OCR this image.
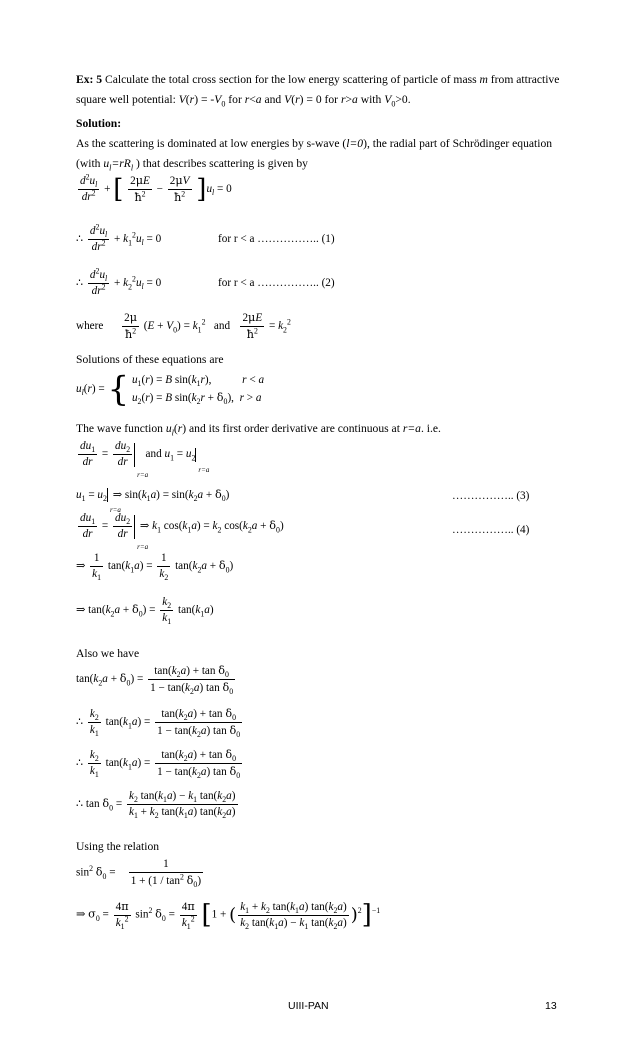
Ex: 5 Calculate the total cross section for the low energy scattering of particle of mass m from attractive square well potential: $V(r) = -V_0$ for r<a and V(r) = 0 for r>a with $V_0>0$.
Solution:
As the scattering is dominated at low energies by s-wave (l=0), the radial part of Schrödinger equation (with $u_l=rR_l$ ) that describes scattering is given by
$\frac{d^2u_l}{dr^2}$ + [ $\frac{2\mu E}{ħ^2} - \frac{2\mu V}{ħ^2} ]u_l = 0$
∴ $\frac{d^2u_l}{dr^2} + k_1^2u_l = 0$	for r < a …………….. (1)
∴ $\frac{d^2u_l}{dr^2} + k_2^2u_l = 0$	for r < a …………….. (2)
where $\frac{2\mu}{ħ^2} (E + V_0) = k_1^2$ and $\frac{2\mu E}{ħ^2} = k_2^2$
Solutions of these equations are
$u_l(r)$ = { $u_1(r) = B$ $\sin(k_1r)$,           r < a
$u_2(r) = B$ $\sin(k_2r + \delta_0)$,  r > a
The wave function $u_l(r)$ and its first order derivative are continuous at r=a. i.e.
$\frac{du_1}{dr} = \frac{du_2}{dr}$
r=a
and $u_1 = u_2$
r=a
$u_1 = u_2$
r=a
⇒ $\sin(k_1a) = \sin(k_2a + \delta_0)$	…………….. (3)
$\frac{du_1}{dr} = \frac{du_2}{dr}$
r=a
⇒ $k_1$ $\cos(k_1a) = k_2$ $\cos(k_2a + \delta_0)$	…………….. (4)
⇒ $\frac{1}{k_1} \tan(k_1a) = \frac{1}{k_2} \tan(k_2a + \delta_0)$
⇒ $\tan(k_2a + \delta_0) = \frac{k_2}{k_1} \tan(k_1a)$
Also we have
$\tan(k_2a + \delta_0) = \frac{\tan(k_2a) + \tan \delta_0}{1 - \tan(k_2a) \tan \delta_0}$
∴ $\frac{k_2}{k_1} \tan(k_1a) = \frac{\tan(k_2a) + \tan \delta_0}{1 - \tan(k_2a) \tan \delta_0}$
∴ $\frac{k_2}{k_1} \tan(k_1a) = \frac{\tan(k_2a) + \tan \delta_0}{1 - \tan(k_2a) \tan \delta_0}$
∴ $\tan \delta_0 = \frac{k_2 \tan(k_1a) - k_1 \tan(k_2a)}{k_1 + k_2 \tan(k_1a) \tan(k_2a)}$
Using the relation
$\sin^2 \delta_0 = \frac{1}{1 + (1 / \tan^2 \delta_0)}$
⇒ $\sigma_0 = \frac{4\pi}{k_1^2} \sin^2 \delta_0 = \frac{4\pi}{k_1^2} [1$ + ( $\frac{k_1 + k_2 \tan(k_1a) \tan(k_2a)}{k_2 \tan(k_1a) - k_1 \tan(k_2a)} )^2]^{-1}$
UIII-PAN	13
